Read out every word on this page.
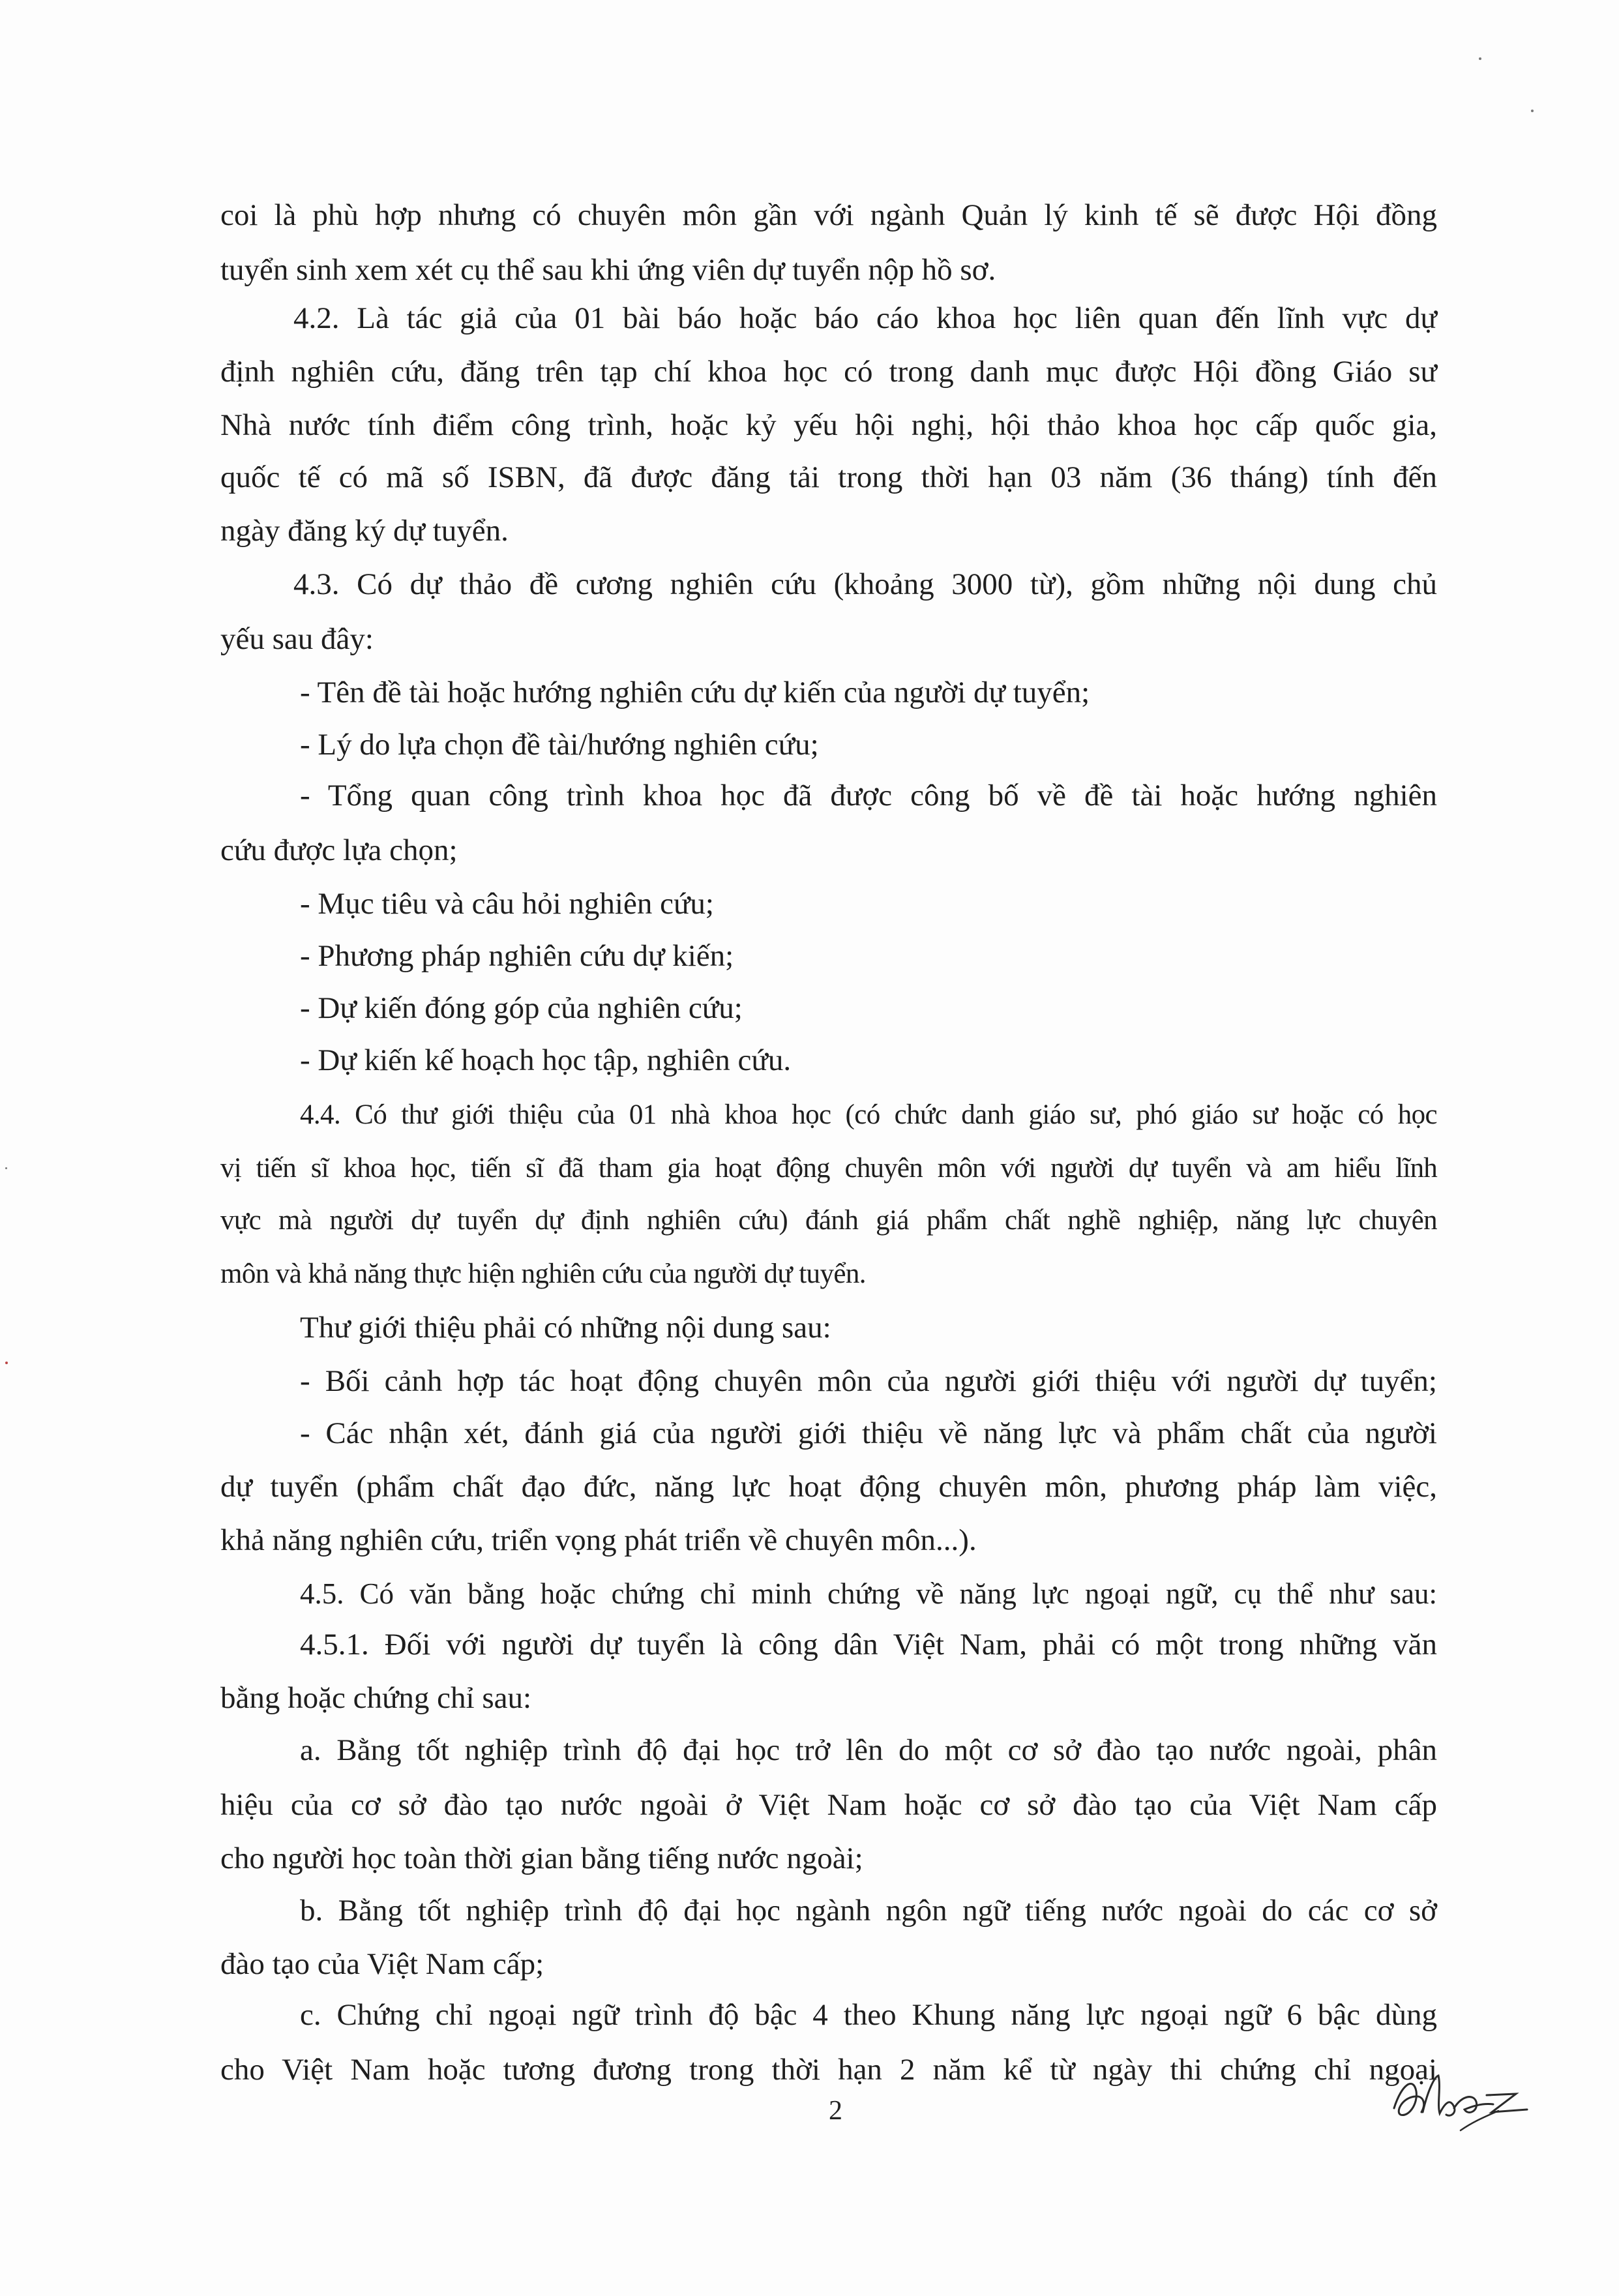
coi là phù hợp nhưng có chuyên môn gần với ngành Quản lý kinh tế sẽ được Hội đồng
tuyển sinh xem xét cụ thể sau khi ứng viên dự tuyển nộp hồ sơ.
4.2. Là tác giả của 01 bài báo hoặc báo cáo khoa học liên quan đến lĩnh vực dự
định nghiên cứu, đăng trên tạp chí khoa học có trong danh mục được Hội đồng Giáo sư
Nhà nước tính điểm công trình, hoặc kỷ yếu hội nghị, hội thảo khoa học cấp quốc gia,
quốc tế có mã số ISBN, đã được đăng tải trong thời hạn 03 năm (36 tháng) tính đến
ngày đăng ký dự tuyển.
4.3. Có dự thảo đề cương nghiên cứu (khoảng 3000 từ), gồm những nội dung chủ
yếu sau đây:
- Tên đề tài hoặc hướng nghiên cứu dự kiến của người dự tuyển;
- Lý do lựa chọn đề tài/hướng nghiên cứu;
- Tổng quan công trình khoa học đã được công bố về đề tài hoặc hướng nghiên
cứu được lựa chọn;
- Mục tiêu và câu hỏi nghiên cứu;
- Phương pháp nghiên cứu dự kiến;
- Dự kiến đóng góp của nghiên cứu;
- Dự kiến kế hoạch học tập, nghiên cứu.
4.4. Có thư giới thiệu của 01 nhà khoa học (có chức danh giáo sư, phó giáo sư hoặc có học
vị tiến sĩ khoa học, tiến sĩ đã tham gia hoạt động chuyên môn với người dự tuyển và am hiểu lĩnh
vực mà người dự tuyển dự định nghiên cứu) đánh giá phẩm chất nghề nghiệp, năng lực chuyên
môn và khả năng thực hiện nghiên cứu của người dự tuyển.
Thư giới thiệu phải có những nội dung sau:
- Bối cảnh hợp tác hoạt động chuyên môn của người giới thiệu với người dự tuyển;
- Các nhận xét, đánh giá của người giới thiệu về năng lực và phẩm chất của người
dự tuyển (phẩm chất đạo đức, năng lực hoạt động chuyên môn, phương pháp làm việc,
khả năng nghiên cứu, triển vọng phát triển về chuyên môn...).
4.5. Có văn bằng hoặc chứng chỉ minh chứng về năng lực ngoại ngữ, cụ thể như sau:
4.5.1. Đối với người dự tuyển là công dân Việt Nam, phải có một trong những văn
bằng hoặc chứng chỉ sau:
a. Bằng tốt nghiệp trình độ đại học trở lên do một cơ sở đào tạo nước ngoài, phân
hiệu của cơ sở đào tạo nước ngoài ở Việt Nam hoặc cơ sở đào tạo của Việt Nam cấp
cho người học toàn thời gian bằng tiếng nước ngoài;
b. Bằng tốt nghiệp trình độ đại học ngành ngôn ngữ tiếng nước ngoài do các cơ sở
đào tạo của Việt Nam cấp;
c. Chứng chỉ ngoại ngữ trình độ bậc 4 theo Khung năng lực ngoại ngữ 6 bậc dùng
cho Việt Nam hoặc tương đương trong thời hạn 2 năm kể từ ngày thi chứng chỉ ngoại
2
